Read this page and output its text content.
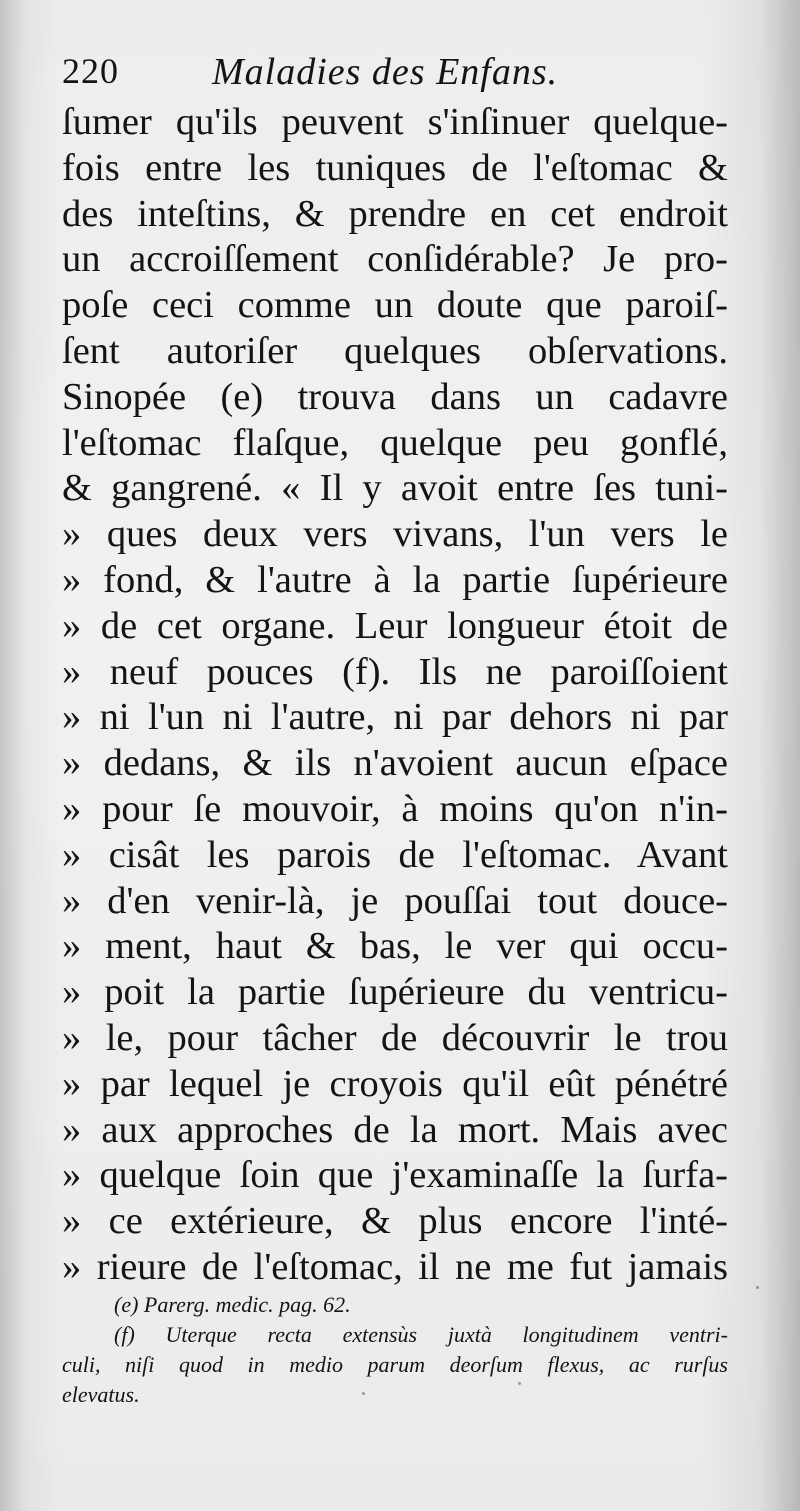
220 Maladies des Enfans.
ſumer qu'ils peuvent s'inſinuer quelque-
fois entre les tuniques de l'eſtomac &
des inteſtins, & prendre en cet endroit
un accroiſſement conſidérable? Je pro-
poſe ceci comme un doute que paroiſ-
ſent autoriſer quelques obſervations.
Sinopée (e) trouva dans un cadavre
l'eſtomac flaſque, quelque peu gonflé,
& gangrené. « Il y avoit entre ſes tuni-
» ques deux vers vivans, l'un vers le
» fond, & l'autre à la partie ſupérieure
» de cet organe. Leur longueur étoit de
» neuf pouces (f). Ils ne paroiſſoient
» ni l'un ni l'autre, ni par dehors ni par
» dedans, & ils n'avoient aucun eſpace
» pour ſe mouvoir, à moins qu'on n'in-
» cisât les parois de l'eſtomac. Avant
» d'en venir-là, je pouſſai tout douce-
» ment, haut & bas, le ver qui occu-
» poit la partie ſupérieure du ventricu-
» le, pour tâcher de découvrir le trou
» par lequel je croyois qu'il eût pénétré
» aux approches de la mort. Mais avec
» quelque ſoin que j'examinaſſe la ſurfa-
» ce extérieure, & plus encore l'inté-
» rieure de l'eſtomac, il ne me fut jamais
(e) Parerg. medic. pag. 62.
(f) Uterque recta extensùs juxtà longitudinem ventri-
culi, niſi quod in medio parum deorſum flexus, ac rurſus
elevatus.
